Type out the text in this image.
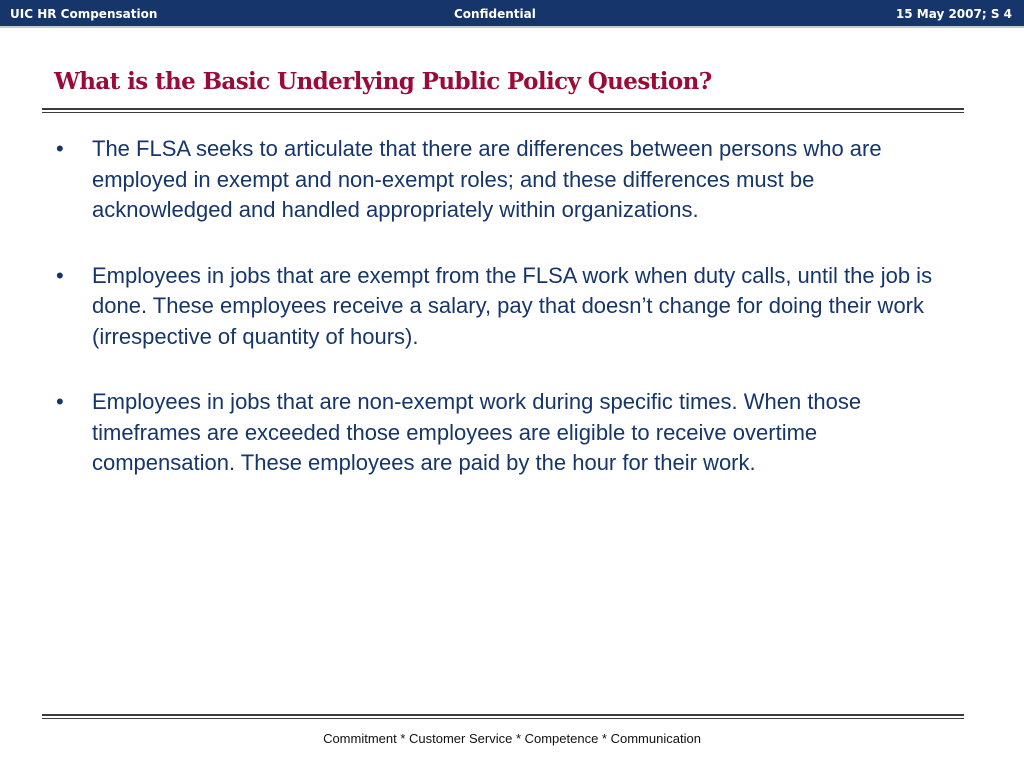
UIC HR Compensation	Confidential	15 May 2007; S 4
What is the Basic Underlying Public Policy Question?
• The FLSA seeks to articulate that there are differences between persons who are employed in exempt and non-exempt roles; and these differences must be acknowledged and handled appropriately within organizations.
• Employees in jobs that are exempt from the FLSA work when duty calls, until the job is done. These employees receive a salary, pay that doesn’t change for doing their work (irrespective of quantity of hours).
• Employees in jobs that are non-exempt work during specific times. When those timeframes are exceeded those employees are eligible to receive overtime compensation. These employees are paid by the hour for their work.
Commitment * Customer Service * Competence * Communication
